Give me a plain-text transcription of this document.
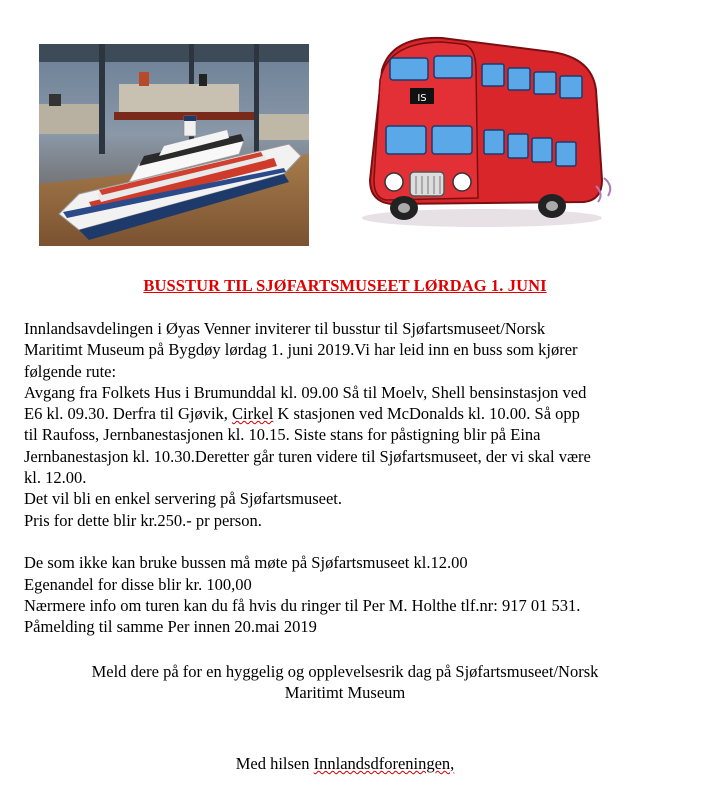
IS
BUSSTUR TIL SJØFARTSMUSEET LØRDAG 1. JUNI

Innlandsavdelingen i Øyas Venner inviterer til busstur til Sjøfartsmuseet/Norsk

Maritimt Museum på Bygdøy lørdag 1. juni 2019.Vi har leid inn en buss som kjører

følgende rute:

Avgang fra Folkets Hus i Brumunddal kl. 09.00 Så til Moelv, Shell bensinstasjon ved

E6 kl. 09.30. Derfra til Gjøvik, Cirkel K stasjonen ved McDonalds kl. 10.00. Så opp

til Raufoss, Jernbanestasjonen kl. 10.15. Siste stans for påstigning blir på Eina

Jernbanestasjon kl. 10.30.Deretter går turen videre til Sjøfartsmuseet, der vi skal være

kl. 12.00.

Det vil bli en enkel servering på Sjøfartsmuseet.

Pris for dette blir kr.250.- pr person.

De som ikke kan bruke bussen må møte på Sjøfartsmuseet kl.12.00

Egenandel for disse blir kr. 100,00

Nærmere info om turen kan du få hvis du ringer til Per M. Holthe tlf.nr: 917 01 531.

Påmelding til samme Per innen 20.mai 2019

Meld dere på for en hyggelig og opplevelsesrik dag på Sjøfartsmuseet/Norsk
Maritimt Museum
Med hilsen Innlandsdforeningen,
